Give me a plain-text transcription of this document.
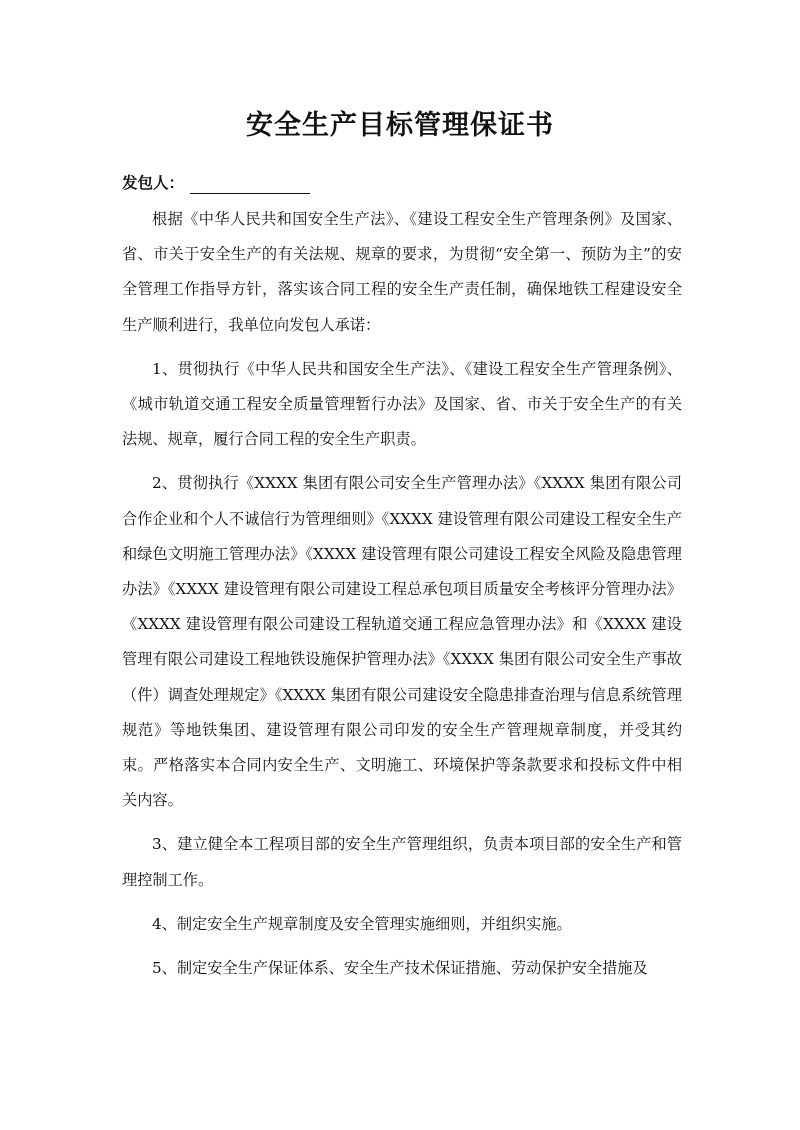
安全生产目标管理保证书
发包人：

根据《中华人民共和国安全生产法》、《建设工程安全生产管理条例》及国家、省、市关于安全生产的有关法规、规章的要求，为贯彻“安全第一、预防为主”的安全管理工作指导方针，落实该合同工程的安全生产责任制，确保地铁工程建设安全生产顺利进行，我单位向发包人承诺：

1、贯彻执行《中华人民共和国安全生产法》、《建设工程安全生产管理条例》、《城市轨道交通工程安全质量管理暂行办法》及国家、省、市关于安全生产的有关法规、规章，履行合同工程的安全生产职责。

2、贯彻执行《XXXX 集团有限公司安全生产管理办法》《XXXX 集团有限公司合作企业和个人不诚信行为管理细则》《XXXX 建设管理有限公司建设工程安全生产和绿色文明施工管理办法》《XXXX 建设管理有限公司建设工程安全风险及隐患管理办法》《XXXX 建设管理有限公司建设工程总承包项目质量安全考核评分管理办法》《XXXX 建设管理有限公司建设工程轨道交通工程应急管理办法》和《XXXX 建设管理有限公司建设工程地铁设施保护管理办法》《XXXX 集团有限公司安全生产事故（件）调查处理规定》《XXXX 集团有限公司建设安全隐患排查治理与信息系统管理规范》等地铁集团、建设管理有限公司印发的安全生产管理规章制度，并受其约束。严格落实本合同内安全生产、文明施工、环境保护等条款要求和投标文件中相关内容。

3、建立健全本工程项目部的安全生产管理组织，负责本项目部的安全生产和管理控制工作。

4、制定安全生产规章制度及安全管理实施细则，并组织实施。

5、制定安全生产保证体系、安全生产技术保证措施、劳动保护安全措施及
